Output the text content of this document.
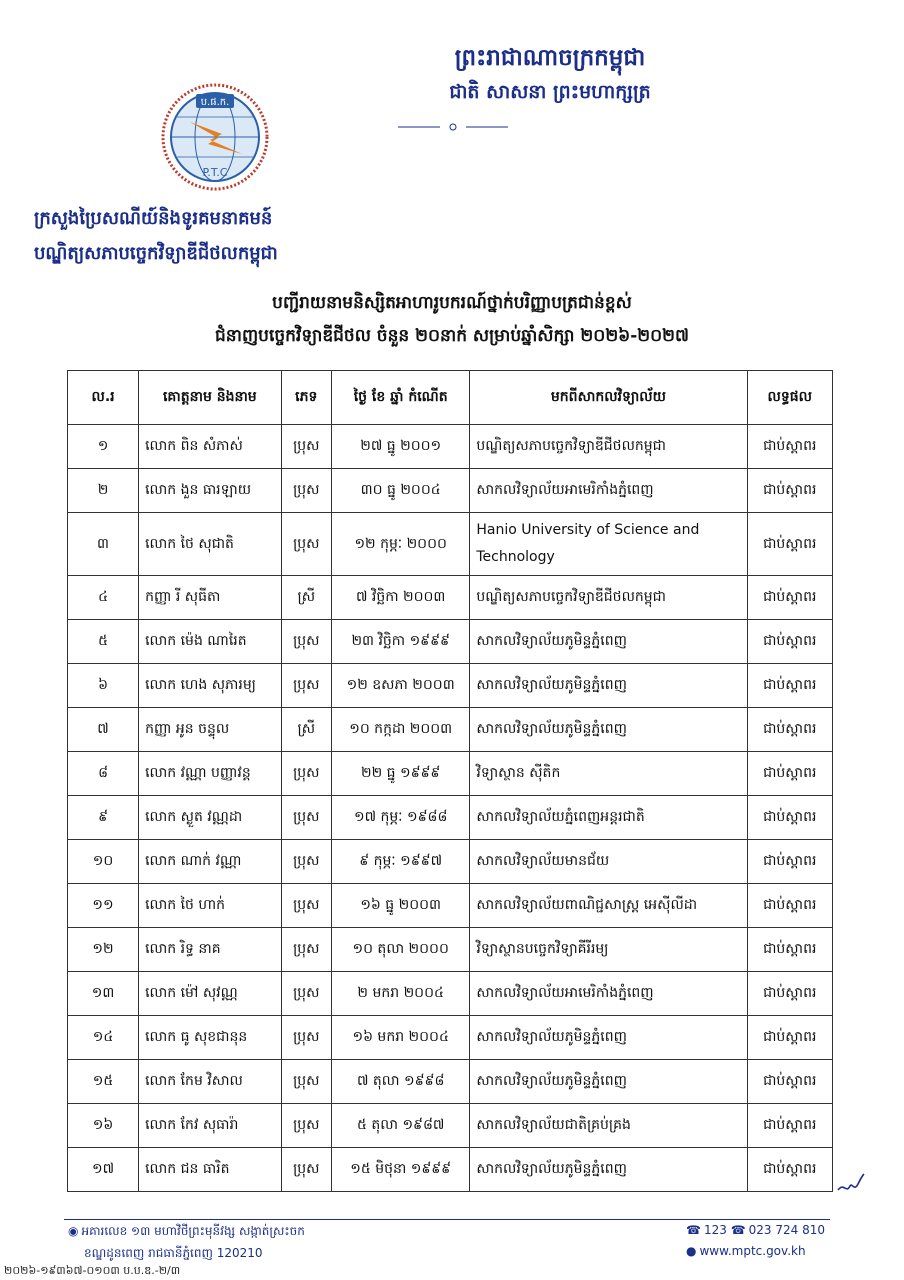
ព្រះរាជាណាចក្រកម្ពុជា
ជាតិ សាសនា ព្រះមហាក្សត្រ
ប.ផ.ក.
P.T.C
ក្រសួងប្រៃសណីយ៍និងទូរគមនាគមន៍
បណ្ឌិត្យសភាបច្ចេកវិទ្យាឌីជីថលកម្ពុជា
បញ្ជីរាយនាមនិស្សិតអាហារូបករណ៍ថ្នាក់បរិញ្ញាបត្រជាន់ខ្ពស់
ជំនាញបច្ចេកវិទ្យាឌីជីថល ចំនួន ២០នាក់ សម្រាប់ឆ្នាំសិក្សា ២០២៦-២០២៧
ល.រ	គោត្តនាម និងនាម	ភេទ	ថ្ងៃ ខែ ឆ្នាំ កំណើត	មកពីសាកលវិទ្យាល័យ	លទ្ធផល
១	លោក ពិន សំភាស់	ប្រុស	២៧ ធ្នូ ២០០១	បណ្ឌិត្យសភាបច្ចេកវិទ្យាឌីជីថលកម្ពុជា	ជាប់ស្ដាពរ
២	លោក ងួន ធារឡាយ	ប្រុស	៣០ ធ្នូ ២០០៤	សាកលវិទ្យាល័យអាមេរិកាំងភ្នំពេញ	ជាប់ស្ដាពរ
៣	លោក ថៃ សុជាតិ	ប្រុស	១២ កុម្ភៈ ២០០០	Hanio University of Science and Technology	ជាប់ស្ដាពរ
៤	កញ្ញា រី សុធីតា	ស្រី	៧ វិច្ឆិកា ២០០៣	បណ្ឌិត្យសភាបច្ចេកវិទ្យាឌីជីថលកម្ពុជា	ជាប់ស្ដាពរ
៥	លោក ម៉េង ណារៃត	ប្រុស	២៣ វិច្ឆិកា ១៩៩៩	សាកលវិទ្យាល័យភូមិន្ទភ្នំពេញ	ជាប់ស្ដាពរ
៦	លោក ហេង សុភារម្យ	ប្រុស	១២ ឧសភា ២០០៣	សាកលវិទ្យាល័យភូមិន្ទភ្នំពេញ	ជាប់ស្ដាពរ
៧	កញ្ញា អូន ចន្ទុល	ស្រី	១០ កក្កដា ២០០៣	សាកលវិទ្យាល័យភូមិន្ទភ្នំពេញ	ជាប់ស្ដាពរ
៨	លោក វណ្ណា បញ្ញាវន្ត	ប្រុស	២២ ធ្នូ ១៩៩៩	វិទ្យាស្ថាន ស៊ីតិក	ជាប់ស្ដាពរ
៩	លោក ស្ងួត វណ្ណដា	ប្រុស	១៧ កុម្ភៈ ១៩៨៨	សាកលវិទ្យាល័យភ្នំពេញអន្តរជាតិ	ជាប់ស្ដាពរ
១០	លោក ណាក់ វណ្ណា	ប្រុស	៩ កុម្ភៈ ១៩៩៧	សាកលវិទ្យាល័យមានជ័យ	ជាប់ស្ដាពរ
១១	លោក ថៃ ហាក់	ប្រុស	១៦ ធ្នូ ២០០៣	សាកលវិទ្យាល័យពាណិជ្ជសាស្ត្រ អេស៊ីលីដា	ជាប់ស្ដាពរ
១២	លោក រិទ្ធ នាគ	ប្រុស	១០ តុលា ២០០០	វិទ្យាស្ថានបច្ចេកវិទ្យាគីរីរម្យ	ជាប់ស្ដាពរ
១៣	លោក ម៉ៅ សុវណ្ណ	ប្រុស	២ មករា ២០០៤	សាកលវិទ្យាល័យអាមេរិកាំងភ្នំពេញ	ជាប់ស្ដាពរ
១៤	លោក ធូ សុខជានុន	ប្រុស	១៦ មករា ២០០៤	សាកលវិទ្យាល័យភូមិន្ទភ្នំពេញ	ជាប់ស្ដាពរ
១៥	លោក កែម វិសាល	ប្រុស	៧ តុលា ១៩៩៨	សាកលវិទ្យាល័យភូមិន្ទភ្នំពេញ	ជាប់ស្ដាពរ
១៦	លោក កែវ សុធារ៉ា	ប្រុស	៥ តុលា ១៩៨៧	សាកលវិទ្យាល័យជាតិគ្រប់គ្រង	ជាប់ស្ដាពរ
១៧	លោក ជន ធារិត	ប្រុស	១៥ មិថុនា ១៩៩៩	សាកលវិទ្យាល័យភូមិន្ទភ្នំពេញ	ជាប់ស្ដាពរ
◉ អគារលេខ ១៣ មហាវិថីព្រះមុនីវង្ស សង្កាត់ស្រះចក
ខណ្ឌដូនពេញ រាជធានីភ្នំពេញ 120210
☎ 123 ☎ 023 724 810
● www.mptc.gov.kh
២០២៦-១៩៣៦៧-០១០៣ ប.ប.ឌ.-២/៣
